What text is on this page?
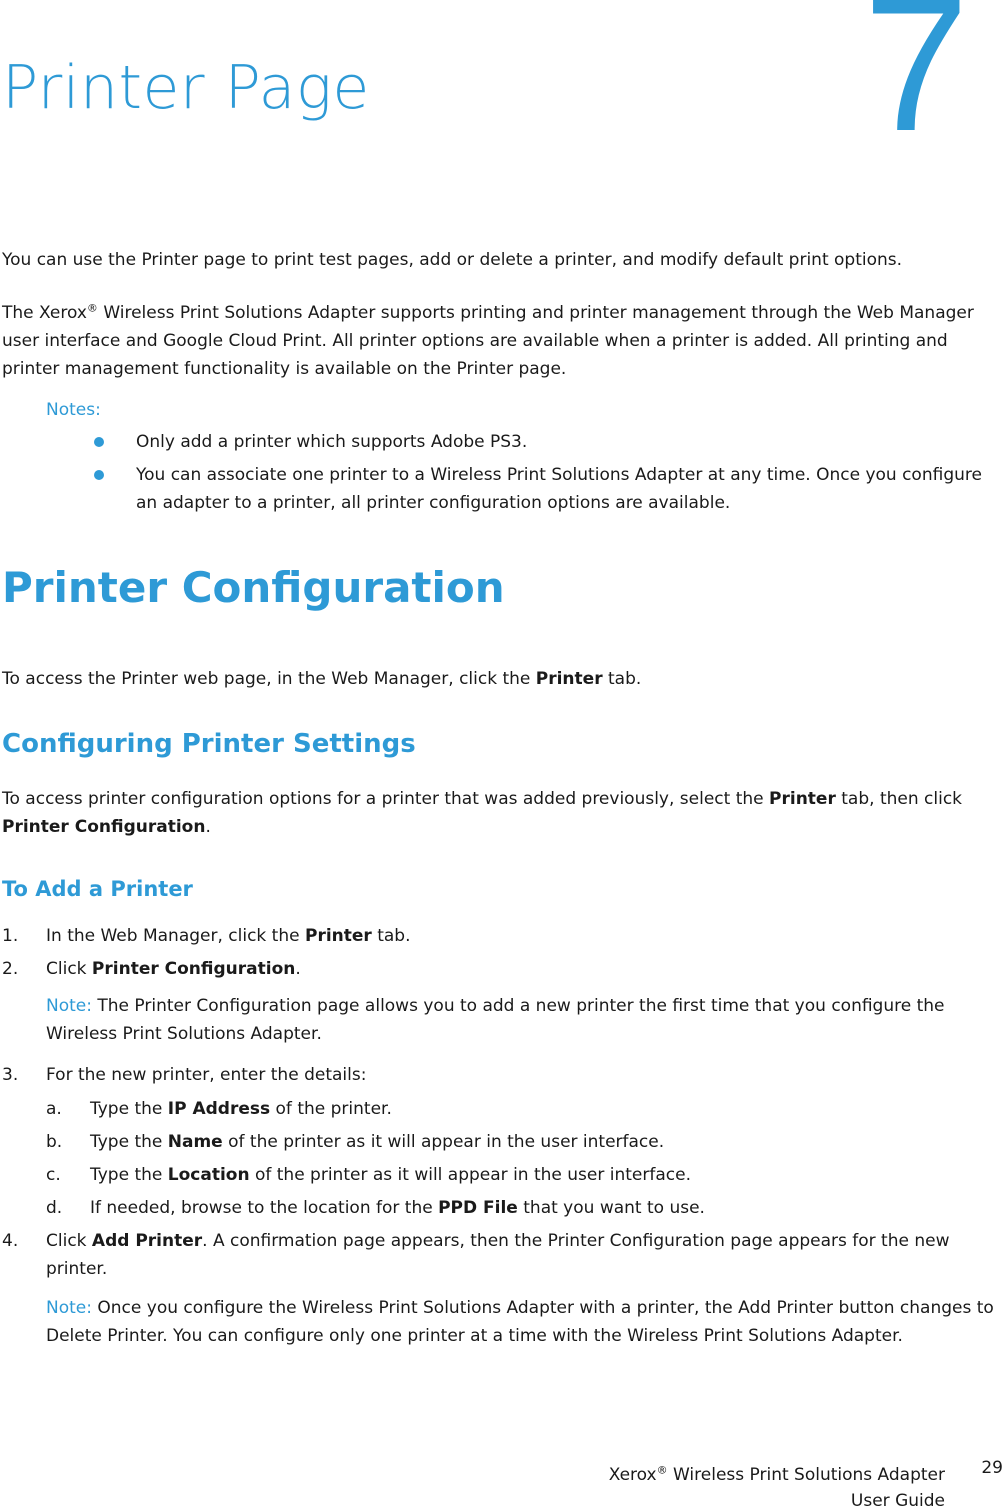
7
Printer Page

You can use the Printer page to print test pages, add or delete a printer, and modify default print options.

The Xerox® Wireless Print Solutions Adapter supports printing and printer management through the Web Manager user interface and Google Cloud Print. All printer options are available when a printer is added. All printing and printer management functionality is available on the Printer page.

Notes:
Only add a printer which supports Adobe PS3.
You can associate one printer to a Wireless Print Solutions Adapter at any time. Once you configure an adapter to a printer, all printer configuration options are available.
Printer Configuration

To access the Printer web page, in the Web Manager, click the Printer tab.

Configuring Printer Settings

To access printer configuration options for a printer that was added previously, select the Printer tab, then click Printer Configuration.

To Add a Printer
1. In the Web Manager, click the Printer tab.
2. Click Printer Configuration.
Note: The Printer Configuration page allows you to add a new printer the first time that you configure the Wireless Print Solutions Adapter.
3. For the new printer, enter the details:
a. Type the IP Address of the printer.
b. Type the Name of the printer as it will appear in the user interface.
c. Type the Location of the printer as it will appear in the user interface.
d. If needed, browse to the location for the PPD File that you want to use.
4. Click Add Printer. A confirmation page appears, then the Printer Configuration page appears for the new printer.
Note: Once you configure the Wireless Print Solutions Adapter with a printer, the Add Printer button changes to Delete Printer. You can configure only one printer at a time with the Wireless Print Solutions Adapter.
Xerox® Wireless Print Solutions Adapter
User Guide
29
